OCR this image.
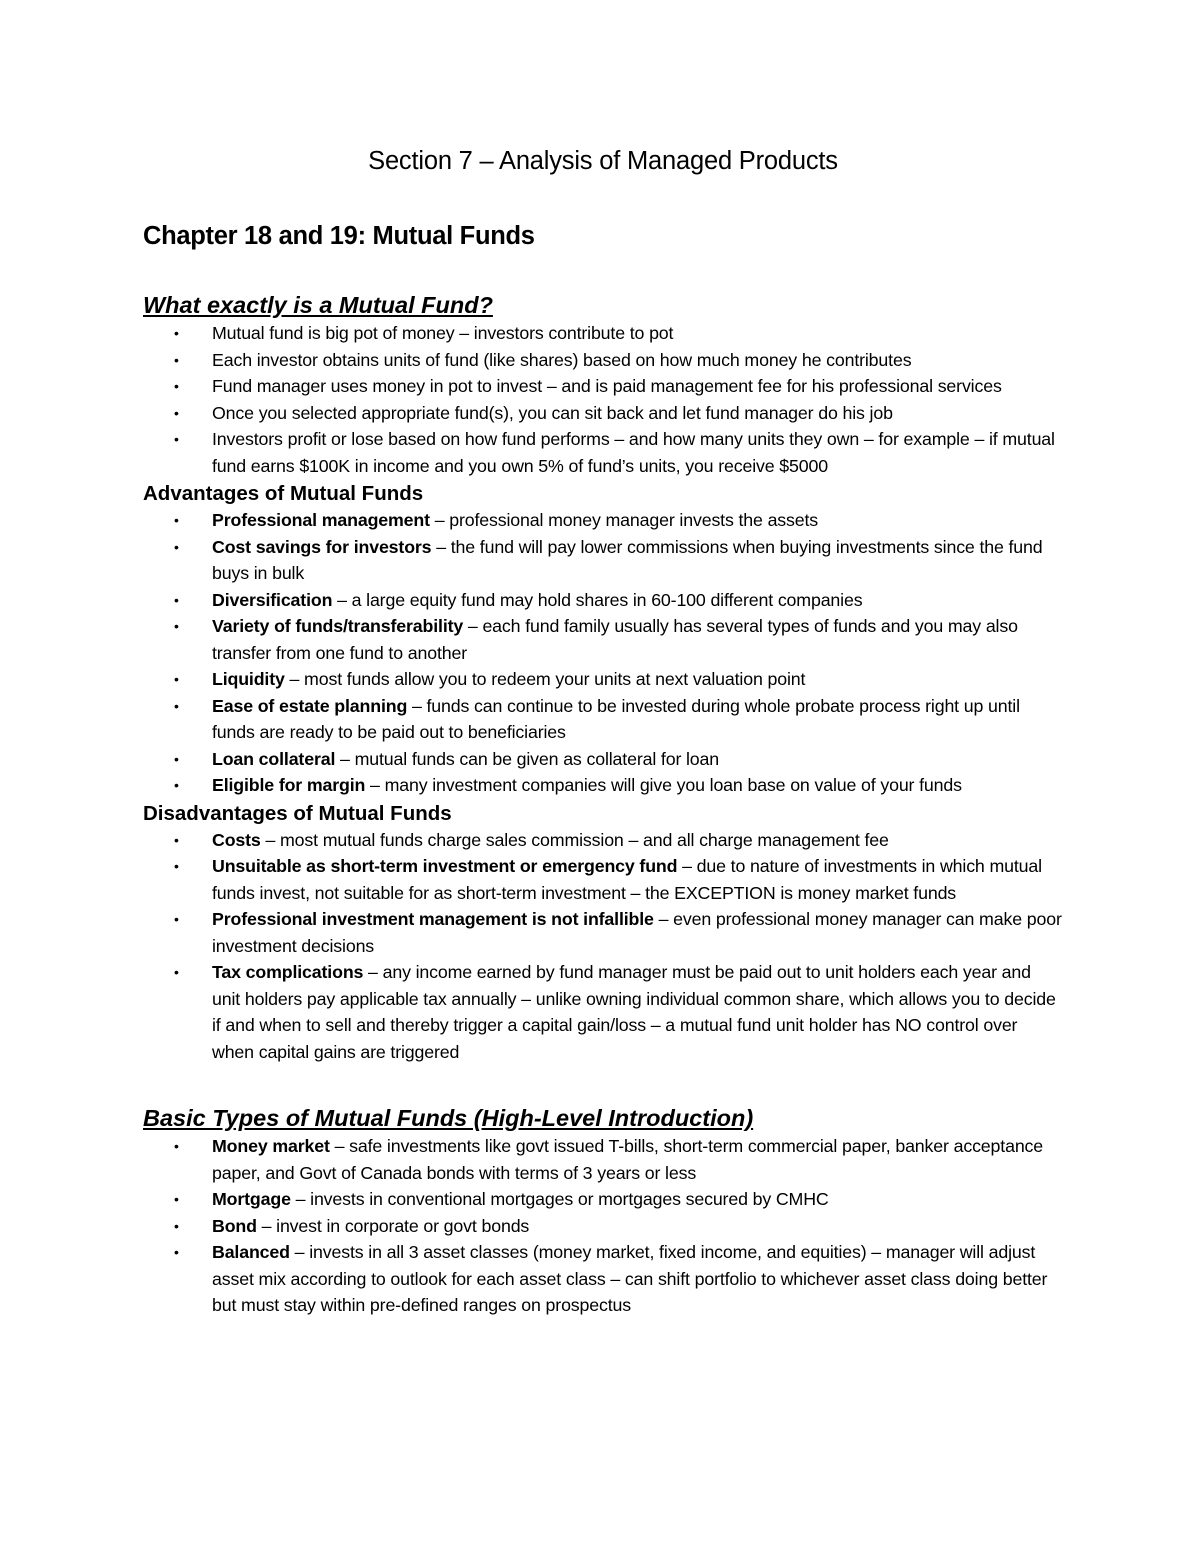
Section 7 – Analysis of Managed Products
Chapter 18 and 19: Mutual Funds
What exactly is a Mutual Fund?
• Mutual fund is big pot of money – investors contribute to pot
• Each investor obtains units of fund (like shares) based on how much money he contributes
• Fund manager uses money in pot to invest – and is paid management fee for his professional services
• Once you selected appropriate fund(s), you can sit back and let fund manager do his job
• Investors profit or lose based on how fund performs – and how many units they own – for example – if mutual fund earns $100K in income and you own 5% of fund’s units, you receive $5000
Advantages of Mutual Funds
• Professional management – professional money manager invests the assets
• Cost savings for investors – the fund will pay lower commissions when buying investments since the fund buys in bulk
• Diversification – a large equity fund may hold shares in 60-100 different companies
• Variety of funds/transferability – each fund family usually has several types of funds and you may also transfer from one fund to another
• Liquidity – most funds allow you to redeem your units at next valuation point
• Ease of estate planning – funds can continue to be invested during whole probate process right up until funds are ready to be paid out to beneficiaries
• Loan collateral – mutual funds can be given as collateral for loan
• Eligible for margin – many investment companies will give you loan base on value of your funds
Disadvantages of Mutual Funds
• Costs – most mutual funds charge sales commission – and all charge management fee
• Unsuitable as short-term investment or emergency fund – due to nature of investments in which mutual funds invest, not suitable for as short-term investment – the EXCEPTION is money market funds
• Professional investment management is not infallible – even professional money manager can make poor investment decisions
• Tax complications – any income earned by fund manager must be paid out to unit holders each year and unit holders pay applicable tax annually – unlike owning individual common share, which allows you to decide if and when to sell and thereby trigger a capital gain/loss – a mutual fund unit holder has NO control over when capital gains are triggered
Basic Types of Mutual Funds (High-Level Introduction)
• Money market – safe investments like govt issued T-bills, short-term commercial paper, banker acceptance paper, and Govt of Canada bonds with terms of 3 years or less
• Mortgage – invests in conventional mortgages or mortgages secured by CMHC
• Bond – invest in corporate or govt bonds
• Balanced – invests in all 3 asset classes (money market, fixed income, and equities) – manager will adjust asset mix according to outlook for each asset class – can shift portfolio to whichever asset class doing better but must stay within pre-defined ranges on prospectus
